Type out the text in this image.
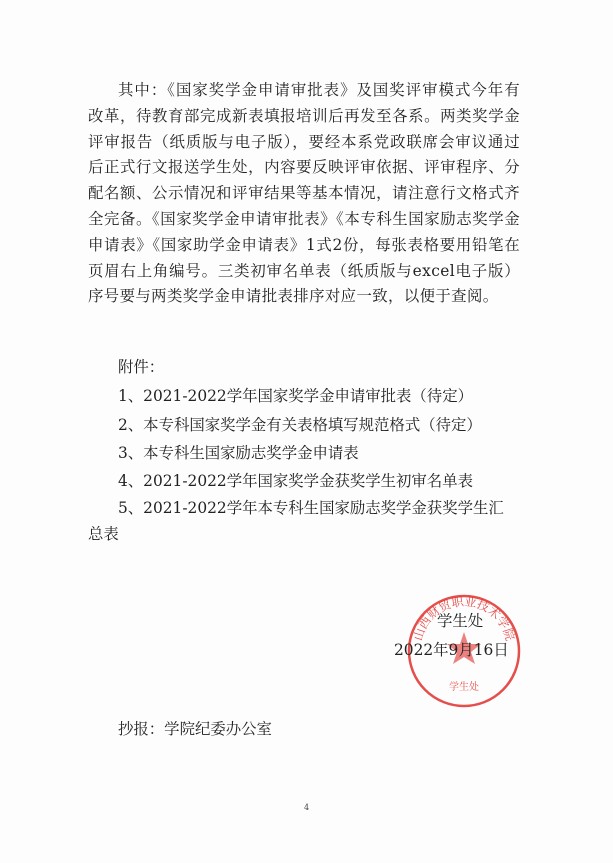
其中：《国家奖学金申请审批表》及国奖评审模式今年有改革，待教育部完成新表填报培训后再发至各系。两类奖学金评审报告（纸质版与电子版），要经本系党政联席会审议通过后正式行文报送学生处，内容要反映评审依据、评审程序、分配名额、公示情况和评审结果等基本情况，请注意行文格式齐全完备。《国家奖学金申请审批表》《本专科生国家励志奖学金申请表》《国家助学金申请表》1式2份，每张表格要用铅笔在页眉右上角编号。三类初审名单表（纸质版与excel电子版）序号要与两类奖学金申请批表排序对应一致，以便于查阅。
附件：
1、2021-2022学年国家奖学金申请审批表（待定）
2、本专科国家奖学金有关表格填写规范格式（待定）
3、本专科生国家励志奖学金申请表
4、2021-2022学年国家奖学金获奖学生初审名单表
5、2021-2022学年本专科生国家励志奖学金获奖学生汇
总表
山西财贸职业技术学院
学生处
学生处
2022年9月16日
抄报：学院纪委办公室
4
